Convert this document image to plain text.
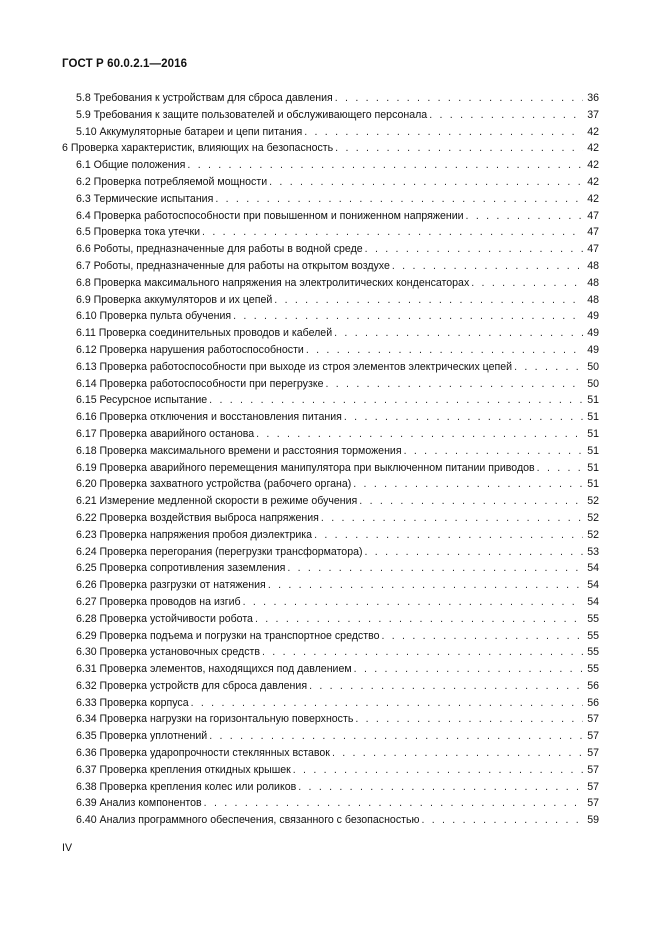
ГОСТ Р 60.0.2.1—2016
5.8 Требования к устройствам для сброса давления . . .	36
5.9 Требования к защите пользователей и обслуживающего персонала . . .	37
5.10 Аккумуляторные батареи и цепи питания . . .	42
6 Проверка характеристик, влияющих на безопасность . . .	42
6.1 Общие положения . . .	42
6.2 Проверка потребляемой мощности . . .	42
6.3 Термические испытания . . .	42
6.4 Проверка работоспособности при повышенном и пониженном напряжении . . .	47
6.5 Проверка тока утечки . . .	47
6.6 Роботы, предназначенные для работы в водной среде . . .	47
6.7 Роботы, предназначенные для работы на открытом воздухе . . .	48
6.8 Проверка максимального напряжения на электролитических конденсаторах . . .	48
6.9 Проверка аккумуляторов и их цепей . . .	48
6.10 Проверка пульта обучения . . .	49
6.11 Проверка соединительных проводов и кабелей . . .	49
6.12 Проверка нарушения работоспособности . . .	49
6.13 Проверка работоспособности при выходе из строя элементов электрических цепей . . .	50
6.14 Проверка работоспособности при перегрузке . . .	50
6.15 Ресурсное испытание . . .	51
6.16 Проверка отключения и восстановления питания . . .	51
6.17 Проверка аварийного останова . . .	51
6.18 Проверка максимального времени и расстояния торможения . . .	51
6.19 Проверка аварийного перемещения манипулятора при выключенном питании приводов . . .	51
6.20 Проверка захватного устройства (рабочего органа) . . .	51
6.21 Измерение медленной скорости в режиме обучения . . .	52
6.22 Проверка воздействия выброса напряжения . . .	52
6.23 Проверка напряжения пробоя диэлектрика . . .	52
6.24 Проверка перегорания (перегрузки трансформатора) . . .	53
6.25 Проверка сопротивления заземления . . .	54
6.26 Проверка разгрузки от натяжения . . .	54
6.27 Проверка проводов на изгиб . . .	54
6.28 Проверка устойчивости робота . . .	55
6.29 Проверка подъема и погрузки на транспортное средство . . .	55
6.30 Проверка установочных средств . . .	55
6.31 Проверка элементов, находящихся под давлением . . .	55
6.32 Проверка устройств для сброса давления . . .	56
6.33 Проверка корпуса . . .	56
6.34 Проверка нагрузки на горизонтальную поверхность . . .	57
6.35 Проверка уплотнений . . .	57
6.36 Проверка ударопрочности стеклянных вставок . . .	57
6.37 Проверка крепления откидных крышек . . .	57
6.38 Проверка крепления колес или роликов . . .	57
6.39 Анализ компонентов . . .	57
6.40 Анализ программного обеспечения, связанного с безопасностью . . .	59
IV
